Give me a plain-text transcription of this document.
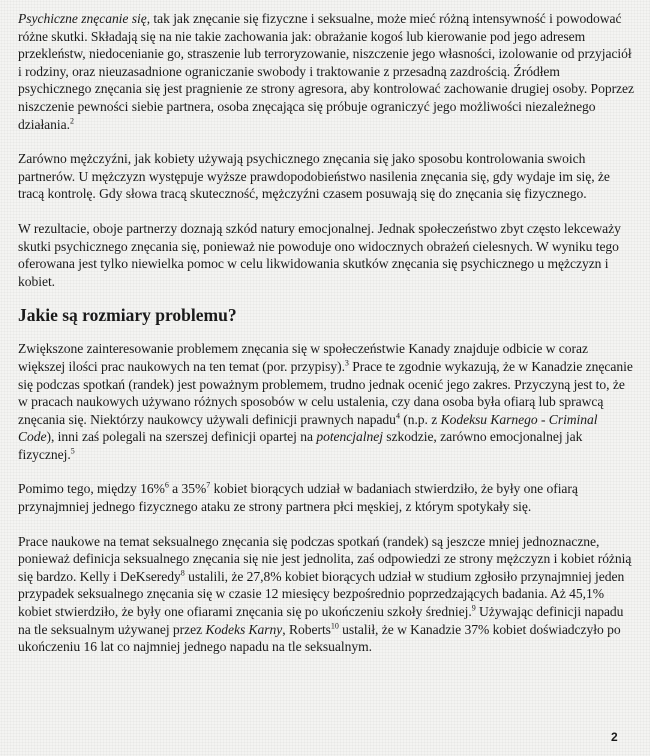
Psychiczne znęcanie się, tak jak znęcanie się fizyczne i seksualne, może mieć różną intensywność i powodować różne skutki. Składają się na nie takie zachowania jak: obrażanie kogoś lub kierowanie pod jego adresem przekleństw, niedocenianie go, straszenie lub terroryzowanie, niszczenie jego własności, izolowanie od przyjaciół i rodziny, oraz nieuzasadnione ograniczanie swobody i traktowanie z przesadną zazdrością. Źródłem psychicznego znęcania się jest pragnienie ze strony agresora, aby kontrolować zachowanie drugiej osoby. Poprzez niszczenie pewności siebie partnera, osoba znęcająca się próbuje ograniczyć jego możliwości niezależnego działania.$^2$

Zarówno mężczyźni, jak kobiety używają psychicznego znęcania się jako sposobu kontrolowania swoich partnerów. U mężczyzn występuje wyższe prawdopodobieństwo nasilenia znęcania się, gdy wydaje im się, że tracą kontrolę. Gdy słowa tracą skuteczność, mężczyźni czasem posuwają się do znęcania się fizycznego.

W rezultacie, oboje partnerzy doznają szkód natury emocjonalnej. Jednak społeczeństwo zbyt często lekceważy skutki psychicznego znęcania się, ponieważ nie powoduje ono widocznych obrażeń cielesnych. W wyniku tego oferowana jest tylko niewielka pomoc w celu likwidowania skutków znęcania się psychicznego u mężczyzn i kobiet.

Jakie są rozmiary problemu?

Zwiększone zainteresowanie problemem znęcania się w społeczeństwie Kanady znajduje odbicie w coraz większej ilości prac naukowych na ten temat (por. przypisy).$^3$ Prace te zgodnie wykazują, że w Kanadzie znęcanie się podczas spotkań (randek) jest poważnym problemem, trudno jednak ocenić jego zakres. Przyczyną jest to, że w pracach naukowych używano różnych sposobów w celu ustalenia, czy dana osoba była ofiarą lub sprawcą znęcania się. Niektórzy naukowcy używali definicji prawnych napadu$^4$ (n.p. z Kodeksu Karnego - Criminal Code), inni zaś polegali na szerszej definicji opartej na potencjalnej szkodzie, zarówno emocjonalnej jak fizycznej.$^5$

Pomimo tego, między 16%$^6$ a 35%$^7$ kobiet biorących udział w badaniach stwierdziło, że były one ofiarą przynajmniej jednego fizycznego ataku ze strony partnera płci męskiej, z którym spotykały się.

Prace naukowe na temat seksualnego znęcania się podczas spotkań (randek) są jeszcze mniej jednoznaczne, ponieważ definicja seksualnego znęcania się nie jest jednolita, zaś odpowiedzi ze strony mężczyzn i kobiet różnią się bardzo. Kelly i DeKseredy$^8$ ustalili, że 27,8% kobiet biorących udział w studium zgłosiło przynajmniej jeden przypadek seksualnego znęcania się w czasie 12 miesięcy bezpośrednio poprzedzających badania. Aż 45,1% kobiet stwierdziło, że były one ofiarami znęcania się po ukończeniu szkoły średniej.$^9$ Używając definicji napadu na tle seksualnym używanej przez Kodeks Karny, Roberts$^{10}$ ustalił, że w Kanadzie 37% kobiet doświadczyło po ukończeniu 16 lat co najmniej jednego napadu na tle seksualnym.

2
